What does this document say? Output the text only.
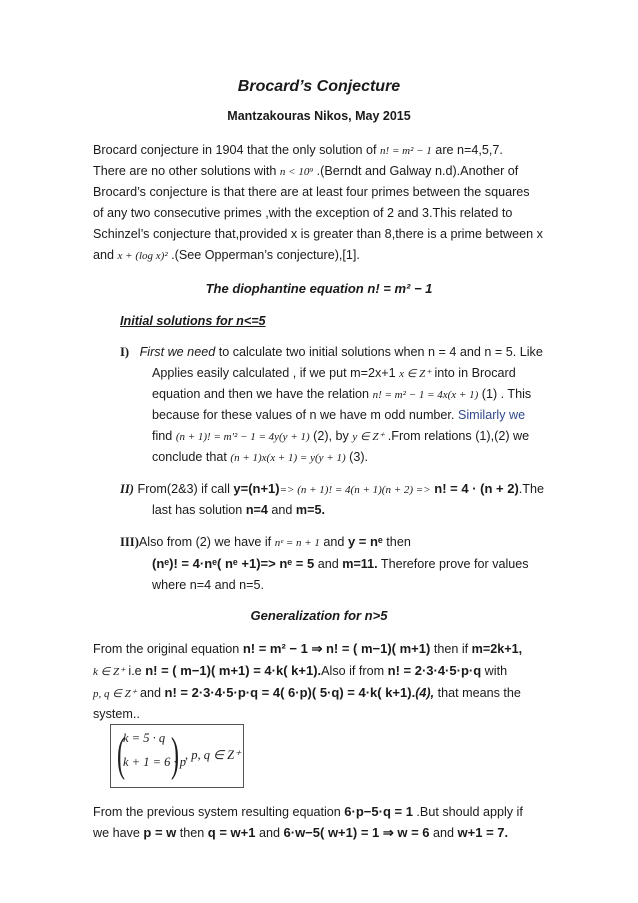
Brocard’s Conjecture
Mantzakouras Nikos, May 2015
Brocard conjecture in 1904 that the only solution of n! = m² − 1 are n=4,5,7.
There are no other solutions with n < 10⁹ .(Berndt and Galway n.d).Another of
Brocard’s conjecture is that there are at least four primes between the squares
of any two consecutive primes ,with the exception of 2 and 3.This related to
Schinzel’s conjecture that,provided x is greater than 8,there is a prime between x
and x + (log x)² .(See Opperman’s conjecture),[1].
The diophantine equation n! = m² − 1
Initial solutions for n<=5
I) First we need to calculate two initial solutions when n = 4 and n = 5. Like
Applies easily calculated , if we put m=2x+1 x ∈ Z⁺ into in Brocard
equation and then we have the relation n! = m² − 1 = 4x(x + 1) (1) . This
because for these values of n we have m odd number. Similarly we
find (n + 1)! = m′² − 1 = 4y(y + 1) (2), by y ∈ Z⁺ .From relations (1),(2) we
conclude that (n + 1)x(x + 1) = y(y + 1) (3).
II) From(2&3) if call y=(n+1)=> (n + 1)! = 4(n + 1)(n + 2) => n! = 4 · (n + 2).The
last has solution n=4 and m=5.
III)Also from (2) we have if nᵉ = n + 1 and y = nᵉ then
(nᵉ)! = 4·nᵉ( nᵉ +1)=> nᵉ = 5 and m=11. Therefore prove for values
where n=4 and n=5.
Generalization for n>5
From the original equation n! = m² − 1 ⇒ n! = ( m−1)( m+1) then if m=2k+1,
k ∈ Z⁺ i.e n! = ( m−1)( m+1) = 4·k( k+1).Also if from n! = 2·3·4·5·p·q with
p, q ∈ Z⁺ and n! = 2·3·4·5·p·q = 4( 6·p)( 5·q) = 4·k( k+1).(4), that means the
system..
(
k = 5 · q
k + 1 = 6 · p
) , p, q ∈ Z⁺
From the previous system resulting equation 6·p−5·q = 1 .But should apply if
we have p = w then q = w+1 and 6·w−5( w+1) = 1 ⇒ w = 6 and w+1 = 7.
